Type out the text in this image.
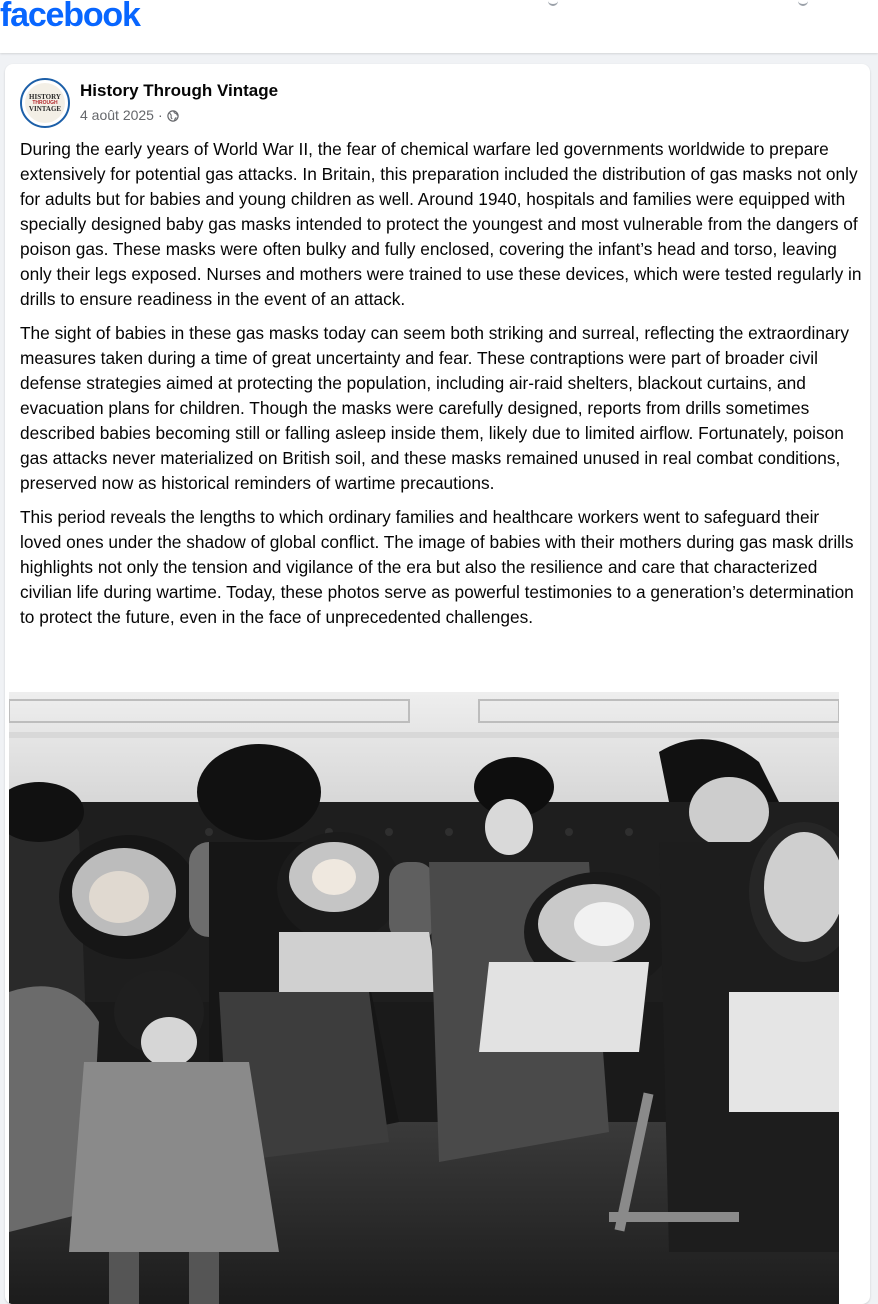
facebook
HISTORY
THROUGH
VINTAGE
History Through Vintage
4 août 2025 ·

During the early years of World War II, the fear of chemical warfare led governments worldwide to prepare extensively for potential gas attacks. In Britain, this preparation included the distribution of gas masks not only for adults but for babies and young children as well. Around 1940, hospitals and families were equipped with specially designed baby gas masks intended to protect the youngest and most vulnerable from the dangers of poison gas. These masks were often bulky and fully enclosed, covering the infant’s head and torso, leaving only their legs exposed. Nurses and mothers were trained to use these devices, which were tested regularly in drills to ensure readiness in the event of an attack.

The sight of babies in these gas masks today can seem both striking and surreal, reflecting the extraordinary measures taken during a time of great uncertainty and fear. These contraptions were part of broader civil defense strategies aimed at protecting the population, including air-raid shelters, blackout curtains, and evacuation plans for children. Though the masks were carefully designed, reports from drills sometimes described babies becoming still or falling asleep inside them, likely due to limited airflow. Fortunately, poison gas attacks never materialized on British soil, and these masks remained unused in real combat conditions, preserved now as historical reminders of wartime precautions.

This period reveals the lengths to which ordinary families and healthcare workers went to safeguard their loved ones under the shadow of global conflict. The image of babies with their mothers during gas mask drills highlights not only the tension and vigilance of the era but also the resilience and care that characterized civilian life during wartime. Today, these photos serve as powerful testimonies to a generation’s determination to protect the future, even in the face of unprecedented challenges.
